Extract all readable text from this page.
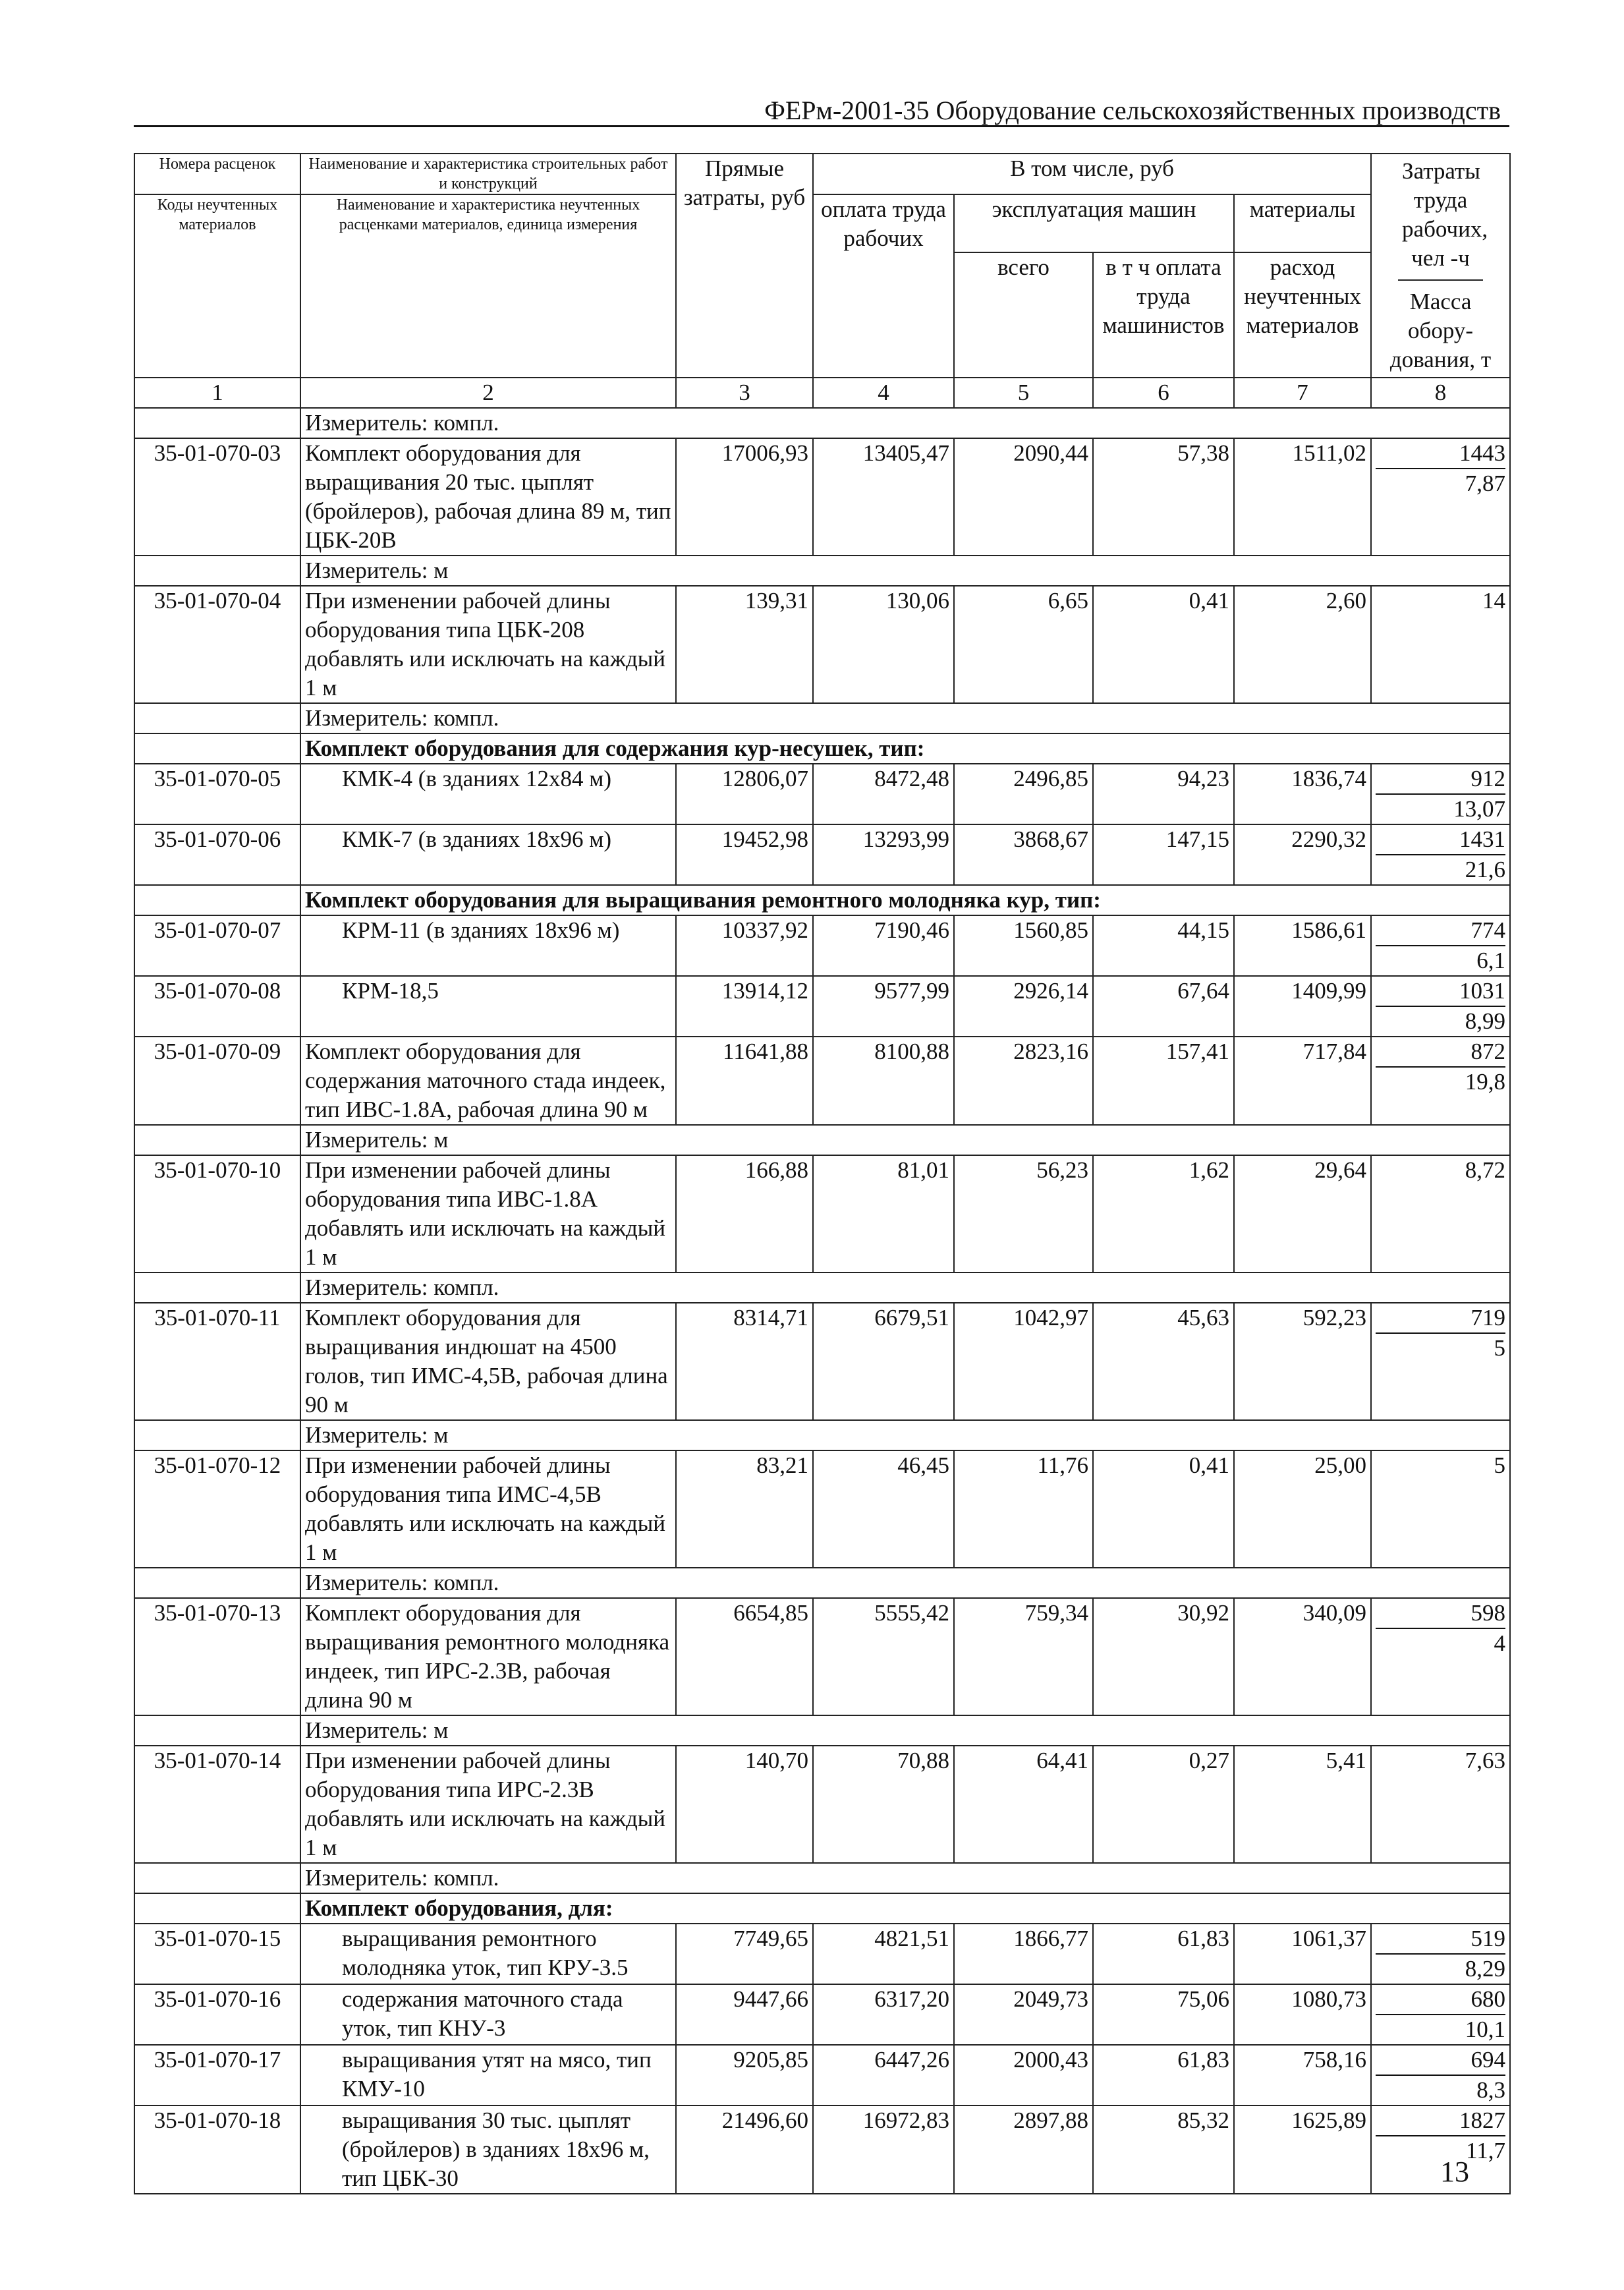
ФЕРм-2001-35 Оборудование сельскохозяйственных производств
Номера расценок	Наименование и характеристика строительных работ и конструкций	Прямые затраты, руб	В том числе, руб				Затраты труда рабочих, чел -ч
Масса обору-дования, т

Коды неучтенных материалов	Наименование и характеристика неучтенных расценками материалов, единица измерения		оплата труда рабочих	эксплуатация машин		материалы	
				всего	в т ч оплата труда машинистов	расход неучтенных материалов	
1	2	3	4	5	6	7	8
	Измеритель: компл.						
35-01-070-03	Комплект оборудования для выращивания 20 тыс. цыплят (бройлеров), рабочая длина 89 м, тип ЦБК-20В	17006,93	13405,47	2090,44	57,38	1511,02	1443
7,87

	Измеритель: м						
35-01-070-04	При изменении рабочей длины оборудования типа ЦБК-208 добавлять или исключать на каждый 1 м	139,31	130,06	6,65	0,41	2,60	14

	Измеритель: компл.						
	Комплект оборудования для содержания кур-несушек, тип:						
35-01-070-05	КМК-4 (в зданиях 12х84 м)	12806,07	8472,48	2496,85	94,23	1836,74	912
13,07

35-01-070-06	КМК-7 (в зданиях 18х96 м)	19452,98	13293,99	3868,67	147,15	2290,32	1431
21,6

	Комплект оборудования для выращивания ремонтного молодняка кур, тип:						
35-01-070-07	КРМ-11 (в зданиях 18х96 м)	10337,92	7190,46	1560,85	44,15	1586,61	774
6,1

35-01-070-08	КРМ-18,5	13914,12	9577,99	2926,14	67,64	1409,99	1031
8,99

35-01-070-09	Комплект оборудования для содержания маточного стада индеек, тип ИВС-1.8А, рабочая длина 90 м	11641,88	8100,88	2823,16	157,41	717,84	872
19,8

	Измеритель: м						
35-01-070-10	При изменении рабочей длины оборудования типа ИВС-1.8А добавлять или исключать на каждый 1 м	166,88	81,01	56,23	1,62	29,64	8,72

	Измеритель: компл.						
35-01-070-11	Комплект оборудования для выращивания индюшат на 4500 голов, тип ИМС-4,5В, рабочая длина 90 м	8314,71	6679,51	1042,97	45,63	592,23	719
5

	Измеритель: м						
35-01-070-12	При изменении рабочей длины оборудования типа ИМС-4,5В добавлять или исключать на каждый 1 м	83,21	46,45	11,76	0,41	25,00	5

	Измеритель: компл.						
35-01-070-13	Комплект оборудования для выращивания ремонтного молодняка индеек, тип ИРС-2.3В, рабочая длина 90 м	6654,85	5555,42	759,34	30,92	340,09	598
4

	Измеритель: м						
35-01-070-14	При изменении рабочей длины оборудования типа ИРС-2.3В добавлять или исключать на каждый 1 м	140,70	70,88	64,41	0,27	5,41	7,63

	Измеритель: компл.						
	Комплект оборудования, для:						
35-01-070-15	выращивания ремонтного молодняка уток, тип КРУ-3.5	7749,65	4821,51	1866,77	61,83	1061,37	519
8,29

35-01-070-16	содержания маточного стада уток, тип КНУ-3	9447,66	6317,20	2049,73	75,06	1080,73	680
10,1

35-01-070-17	выращивания утят на мясо, тип КМУ-10	9205,85	6447,26	2000,43	61,83	758,16	694
8,3

35-01-070-18	выращивания 30 тыс. цыплят (бройлеров) в зданиях 18х96 м, тип ЦБК-30	21496,60	16972,83	2897,88	85,32	1625,89	1827
11,7
13
